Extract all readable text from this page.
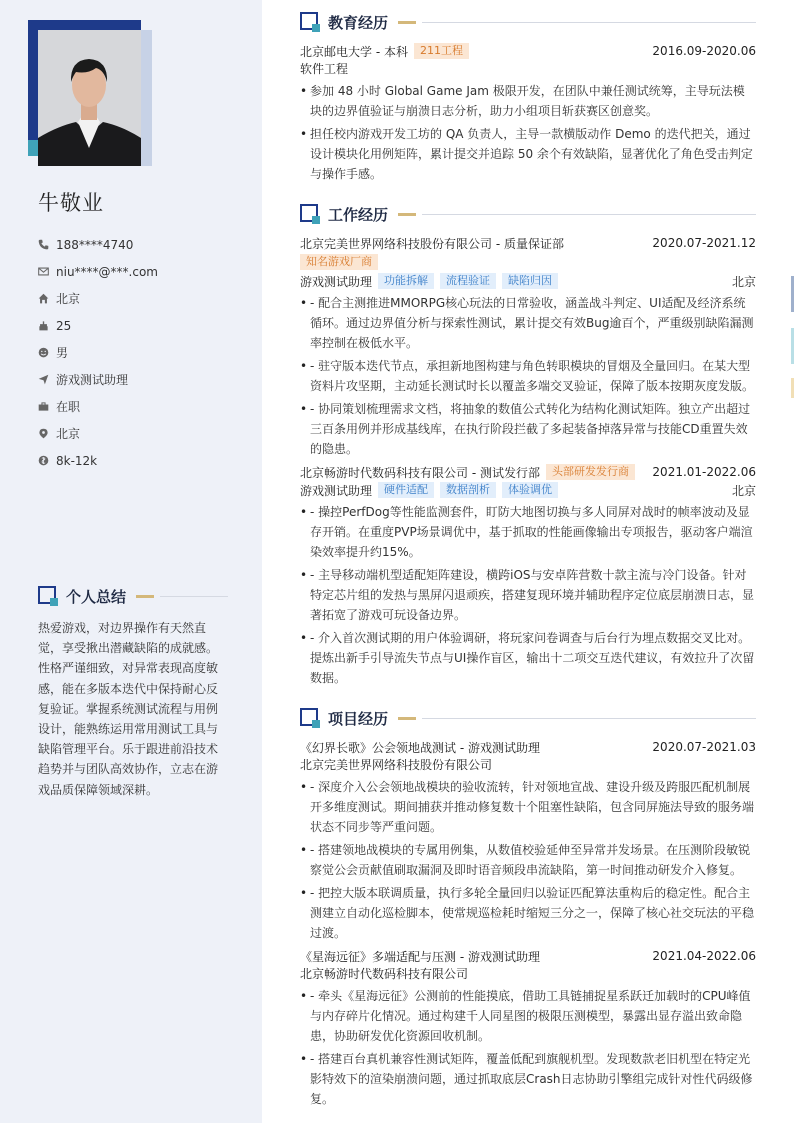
牛敬业
188****4740
niu****@***.com
北京
25
男
游戏测试助理
在职
北京
8k-12k
个人总结

热爱游戏，对边界操作有天然直觉，享受揪出潜藏缺陷的成就感。性格严谨细致，对异常表现高度敏感，能在多版本迭代中保持耐心反复验证。掌握系统测试流程与用例设计，能熟练运用常用测试工具与缺陷管理平台。乐于跟进前沿技术趋势并与团队高效协作，立志在游戏品质保障领域深耕。

教育经历
北京邮电大学 - 本科	211工程	2016.09-2020.06
软件工程
• 参加 48 小时 Global Game Jam 极限开发，在团队中兼任测试统筹，主导玩法模块的边界值验证与崩溃日志分析，助力小组项目斩获赛区创意奖。
• 担任校内游戏开发工坊的 QA 负责人，主导一款横版动作 Demo 的迭代把关，通过设计模块化用例矩阵，累计提交并追踪 50 余个有效缺陷，显著优化了角色受击判定与操作手感。
工作经历
北京完美世界网络科技股份有限公司 - 质量保证部	2020.07-2021.12
知名游戏厂商
游戏测试助理	功能拆解	流程验证	缺陷归因	北京
• - 配合主测推进MMORPG核心玩法的日常验收，涵盖战斗判定、UI适配及经济系统循环。通过边界值分析与探索性测试，累计提交有效Bug逾百个，严重级别缺陷漏测率控制在极低水平。
• - 驻守版本迭代节点，承担新地图构建与角色转职模块的冒烟及全量回归。在某大型资料片攻坚期，主动延长测试时长以覆盖多端交叉验证，保障了版本按期灰度发版。
• - 协同策划梳理需求文档，将抽象的数值公式转化为结构化测试矩阵。独立产出超过三百条用例并形成基线库，在执行阶段拦截了多起装备掉落异常与技能CD重置失效的隐患。
北京畅游时代数码科技有限公司 - 测试发行部	头部研发发行商	2021.01-2022.06
游戏测试助理	硬件适配	数据剖析	体验调优	北京
• - 操控PerfDog等性能监测套件，盯防大地图切换与多人同屏对战时的帧率波动及显存开销。在重度PVP场景调优中，基于抓取的性能画像输出专项报告，驱动客户端渲染效率提升约15%。
• - 主导移动端机型适配矩阵建设，横跨iOS与安卓阵营数十款主流与冷门设备。针对特定芯片组的发热与黑屏闪退顽疾，搭建复现环境并辅助程序定位底层崩溃日志，显著拓宽了游戏可玩设备边界。
• - 介入首次测试期的用户体验调研，将玩家问卷调查与后台行为埋点数据交叉比对。提炼出新手引导流失节点与UI操作盲区，输出十二项交互迭代建议，有效拉升了次留数据。
项目经历
《幻界长歌》公会领地战测试 - 游戏测试助理	2020.07-2021.03
北京完美世界网络科技股份有限公司
• - 深度介入公会领地战模块的验收流转，针对领地宣战、建设升级及跨服匹配机制展开多维度测试。期间捕获并推动修复数十个阻塞性缺陷，包含同屏施法导致的服务端状态不同步等严重问题。
• - 搭建领地战模块的专属用例集，从数值校验延伸至异常并发场景。在压测阶段敏锐察觉公会贡献值刷取漏洞及即时语音频段串流缺陷，第一时间推动研发介入修复。
• - 把控大版本联调质量，执行多轮全量回归以验证匹配算法重构后的稳定性。配合主测建立自动化巡检脚本，使常规巡检耗时缩短三分之一，保障了核心社交玩法的平稳过渡。
《星海远征》多端适配与压测 - 游戏测试助理	2021.04-2022.06
北京畅游时代数码科技有限公司
• - 牵头《星海远征》公测前的性能摸底，借助工具链捕捉星系跃迁加载时的CPU峰值与内存碎片化情况。通过构建千人同星图的极限压测模型，暴露出显存溢出致命隐患，协助研发优化资源回收机制。
• - 搭建百台真机兼容性测试矩阵，覆盖低配到旗舰机型。发现数款老旧机型在特定光影特效下的渲染崩溃问题，通过抓取底层Crash日志协助引擎组完成针对性代码级修复。
